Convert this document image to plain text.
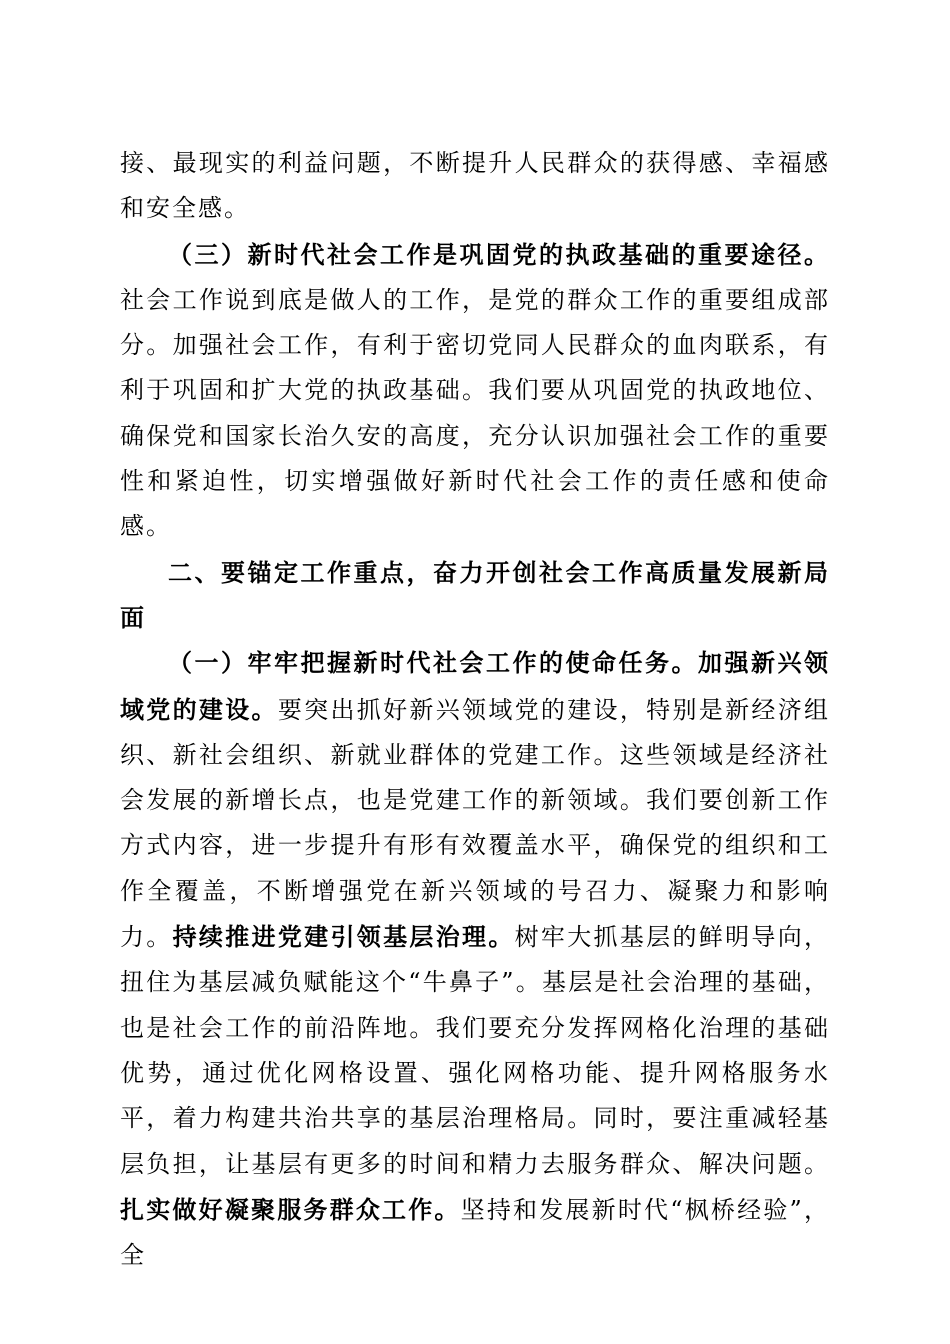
接、最现实的利益问题，不断提升人民群众的获得感、幸福感和安全感。

（三）新时代社会工作是巩固党的执政基础的重要途径。社会工作说到底是做人的工作，是党的群众工作的重要组成部分。加强社会工作，有利于密切党同人民群众的血肉联系，有利于巩固和扩大党的执政基础。我们要从巩固党的执政地位、确保党和国家长治久安的高度，充分认识加强社会工作的重要性和紧迫性，切实增强做好新时代社会工作的责任感和使命感。

二、要锚定工作重点，奋力开创社会工作高质量发展新局面

（一）牢牢把握新时代社会工作的使命任务。加强新兴领域党的建设。要突出抓好新兴领域党的建设，特别是新经济组织、新社会组织、新就业群体的党建工作。这些领域是经济社会发展的新增长点，也是党建工作的新领域。我们要创新工作方式内容，进一步提升有形有效覆盖水平，确保党的组织和工作全覆盖，不断增强党在新兴领域的号召力、凝聚力和影响力。持续推进党建引领基层治理。树牢大抓基层的鲜明导向，扭住为基层减负赋能这个“牛鼻子”。基层是社会治理的基础，也是社会工作的前沿阵地。我们要充分发挥网格化治理的基础优势，通过优化网格设置、强化网格功能、提升网格服务水平，着力构建共治共享的基层治理格局。同时，要注重减轻基层负担，让基层有更多的时间和精力去服务群众、解决问题。扎实做好凝聚服务群众工作。坚持和发展新时代“枫桥经验”，全
